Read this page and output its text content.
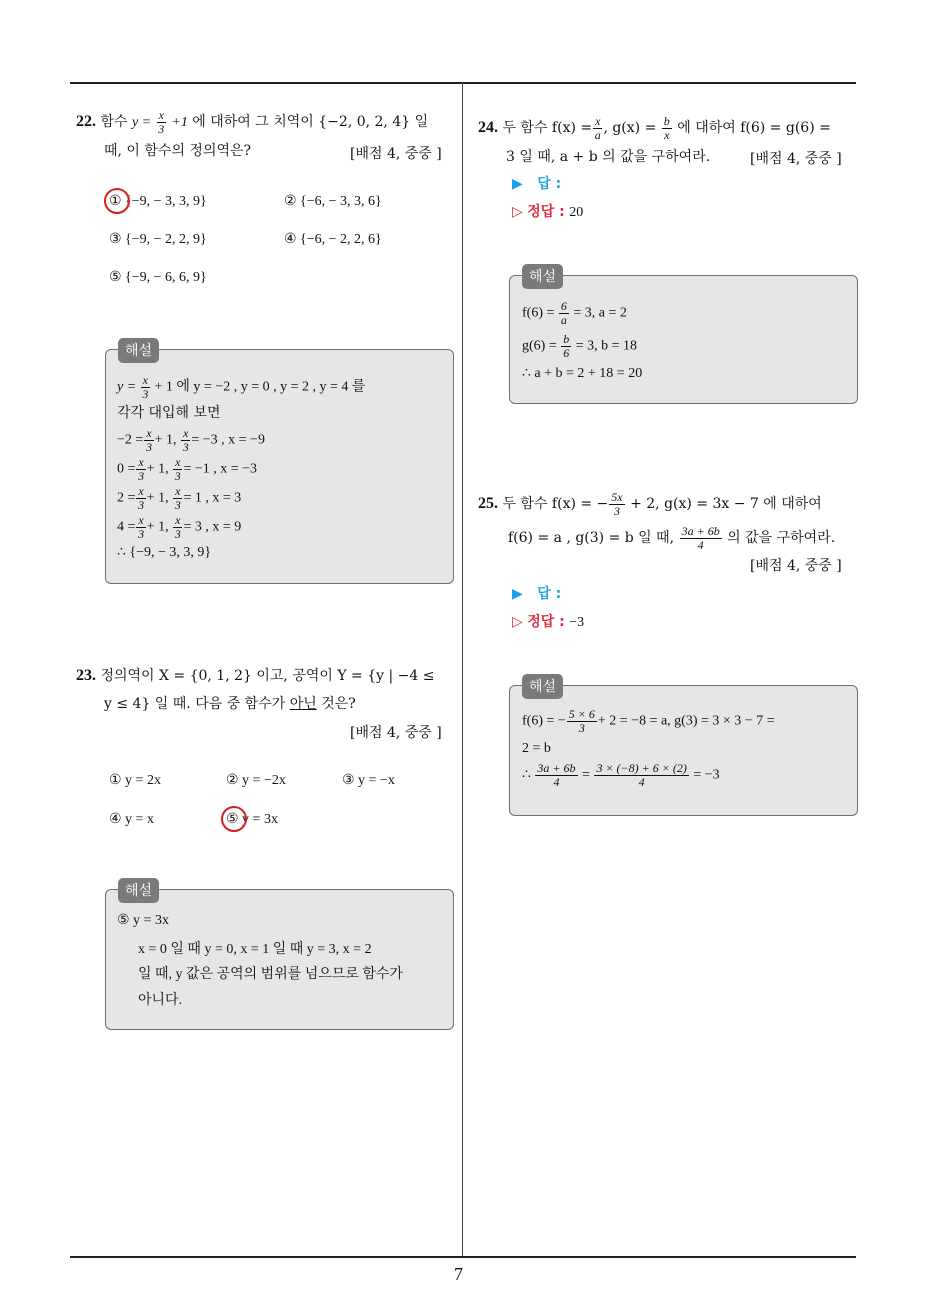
7
22. 함수 $y = \frac{x}{3} +1$ 에 대하여 그 치역이 {−2, 0, 2, 4} 일
때, 이 함수의 정의역은?	[배점 4, 중중 ]
① {−9, − 3, 3, 9}	② {−6, − 3, 3, 6}
③ {−9, − 2, 2, 9}	④ {−6, − 2, 2, 6}
⑤ {−9, − 6, 6, 9}
해설
$y = \frac{x}{3} + 1$ 에 y = −2 , y = 0 , y = 2 , y = 4 를
각각 대입해 보면
$-2 = \frac{x}{3} + 1$, $\frac{x}{3} = -3$ , x = −9
$0 = \frac{x}{3} + 1$, $\frac{x}{3} = -1$ , x = −3
$2 = \frac{x}{3} + 1$, $\frac{x}{3} = 1$ , x = 3
$4 = \frac{x}{3} + 1$, $\frac{x}{3} = 3$ , x = 9
∴ {−9, − 3, 3, 9}
23. 정의역이 X = {0, 1, 2} 이고, 공역이 Y = {y | −4 ≤
y ≤ 4} 일 때. 다음 중 함수가 아닌 것은?
[배점 4, 중중 ]
① y = 2x	② y = −2x	③ y = −x
④ y = x	⑤ y = 3x
해설
⑤ y = 3x
x = 0 일 때 y = 0, x = 1 일 때 y = 3, x = 2
일 때, y 값은 공역의 범위를 넘으므로 함수가
아니다.
24. 두 함수 $f(x) = \frac{x}{a}$ , $g(x) = \frac{b}{x}$ 에 대하여 f(6) = g(6) =
3 일 때, a + b 의 값을 구하여라.	[배점 4, 중중 ]
▶ 답 :
▷ 정답 : 20
해설
$f(6) = \frac{6}{a} = 3$, a = 2
$g(6) = \frac{b}{6} = 3$, b = 18
∴ a + b = 2 + 18 = 20
25. 두 함수 f(x) = − $\frac{5x}{3} + 2$, g(x) = 3x − 7 에 대하여
f(6) = a , g(3) = b 일 때, $\frac{3a + 6b}{4}$ 의 값을 구하여라.
[배점 4, 중중 ]
▶ 답 :
▷ 정답 : −3
해설
f(6) = − $\frac{5 \times 6}{3} + 2 = -8 = a$, g(3) = 3 × 3 − 7 =
2 = b
∴ $\frac{3a + 6b}{4} = \frac{3 \times (-8) + 6 \times (2)}{4} = -3$
